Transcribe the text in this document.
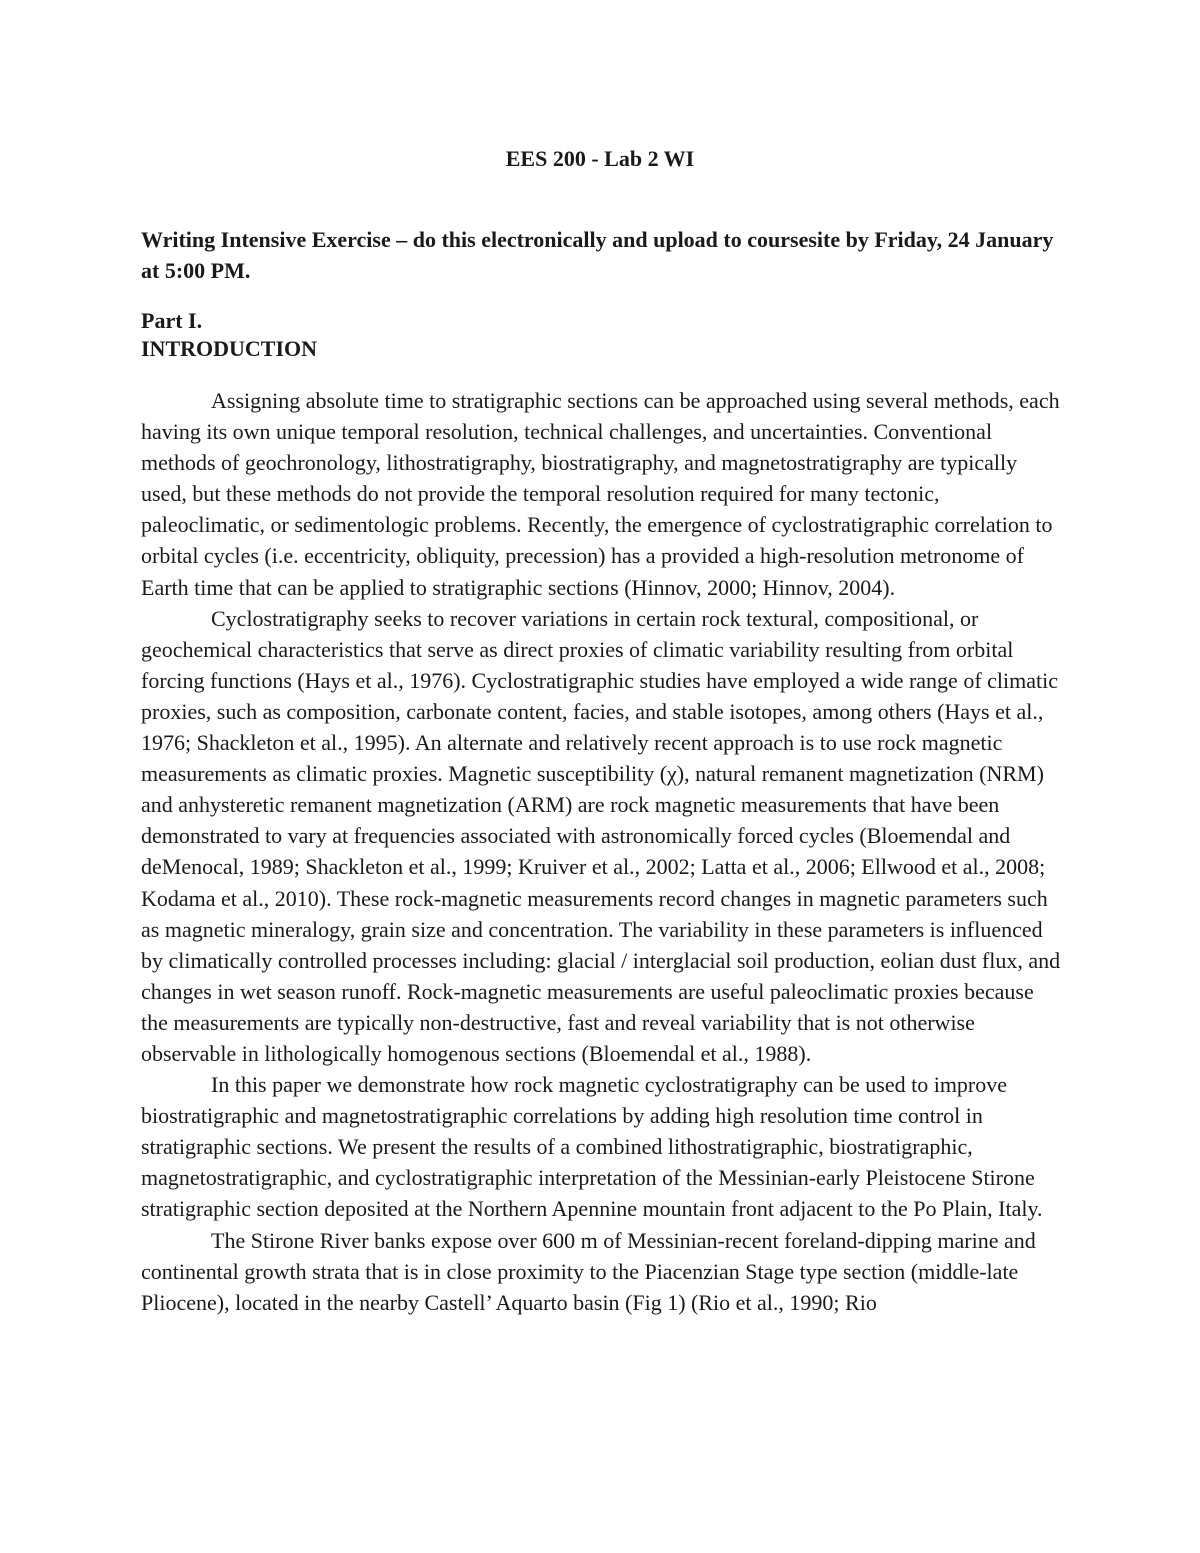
EES 200 - Lab 2 WI
Writing Intensive Exercise – do this electronically and upload to coursesite by Friday, 24 January at 5:00 PM.
Part I.
INTRODUCTION

Assigning absolute time to stratigraphic sections can be approached using several methods, each having its own unique temporal resolution, technical challenges, and uncertainties. Conventional methods of geochronology, lithostratigraphy, biostratigraphy, and magnetostratigraphy are typically used, but these methods do not provide the temporal resolution required for many tectonic, paleoclimatic, or sedimentologic problems. Recently, the emergence of cyclostratigraphic correlation to orbital cycles (i.e. eccentricity, obliquity, precession) has a provided a high-resolution metronome of Earth time that can be applied to stratigraphic sections (Hinnov, 2000; Hinnov, 2004).

Cyclostratigraphy seeks to recover variations in certain rock textural, compositional, or geochemical characteristics that serve as direct proxies of climatic variability resulting from orbital forcing functions (Hays et al., 1976). Cyclostratigraphic studies have employed a wide range of climatic proxies, such as composition, carbonate content, facies, and stable isotopes, among others (Hays et al., 1976; Shackleton et al., 1995). An alternate and relatively recent approach is to use rock magnetic measurements as climatic proxies. Magnetic susceptibility (χ), natural remanent magnetization (NRM) and anhysteretic remanent magnetization (ARM) are rock magnetic measurements that have been demonstrated to vary at frequencies associated with astronomically forced cycles (Bloemendal and deMenocal, 1989; Shackleton et al., 1999; Kruiver et al., 2002; Latta et al., 2006; Ellwood et al., 2008; Kodama et al., 2010). These rock-magnetic measurements record changes in magnetic parameters such as magnetic mineralogy, grain size and concentration. The variability in these parameters is influenced by climatically controlled processes including: glacial / interglacial soil production, eolian dust flux, and changes in wet season runoff. Rock-magnetic measurements are useful paleoclimatic proxies because the measurements are typically non-destructive, fast and reveal variability that is not otherwise observable in lithologically homogenous sections (Bloemendal et al., 1988).

In this paper we demonstrate how rock magnetic cyclostratigraphy can be used to improve biostratigraphic and magnetostratigraphic correlations by adding high resolution time control in stratigraphic sections. We present the results of a combined lithostratigraphic, biostratigraphic, magnetostratigraphic, and cyclostratigraphic interpretation of the Messinian-early Pleistocene Stirone stratigraphic section deposited at the Northern Apennine mountain front adjacent to the Po Plain, Italy.

The Stirone River banks expose over 600 m of Messinian-recent foreland-dipping marine and continental growth strata that is in close proximity to the Piacenzian Stage type section (middle-late Pliocene), located in the nearby Castell’ Aquarto basin (Fig 1) (Rio et al., 1990; Rio
